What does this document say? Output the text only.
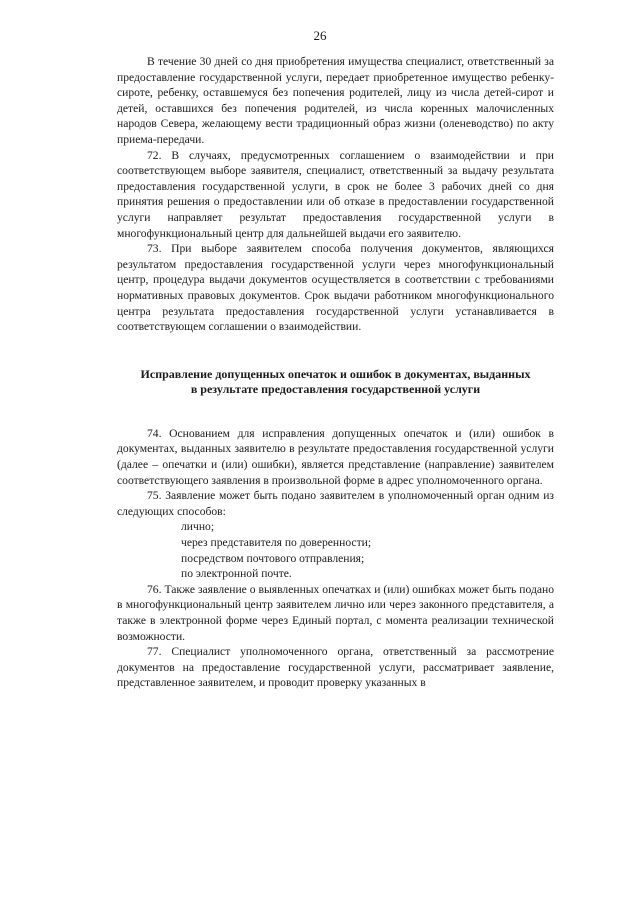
26

В течение 30 дней со дня приобретения имущества специалист, ответственный за предоставление государственной услуги, передает приобретенное имущество ребенку-сироте, ребенку, оставшемуся без попечения родителей, лицу из числа детей-сирот и детей, оставшихся без попечения родителей, из числа коренных малочисленных народов Севера, желающему вести традиционный образ жизни (оленеводство) по акту приема-передачи.

72. В случаях, предусмотренных соглашением о взаимодействии и при соответствующем выборе заявителя, специалист, ответственный за выдачу результата предоставления государственной услуги, в срок не более 3 рабочих дней со дня принятия решения о предоставлении или об отказе в предоставлении государственной услуги направляет результат предоставления государственной услуги в многофункциональный центр для дальнейшей выдачи его заявителю.

73. При выборе заявителем способа получения документов, являющихся результатом предоставления государственной услуги через многофункциональный центр, процедура выдачи документов осуществляется в соответствии с требованиями нормативных правовых документов. Срок выдачи работником многофункционального центра результата предоставления государственной услуги устанавливается в соответствующем соглашении о взаимодействии.

Исправление допущенных опечаток и ошибок в документах, выданных
в результате предоставления государственной услуги

74. Основанием для исправления допущенных опечаток и (или) ошибок в документах, выданных заявителю в результате предоставления государственной услуги (далее – опечатки и (или) ошибки), является представление (направление) заявителем соответствующего заявления в произвольной форме в адрес уполномоченного органа.

75. Заявление может быть подано заявителем в уполномоченный орган одним из следующих способов:

лично;

через представителя по доверенности;

посредством почтового отправления;

по электронной почте.

76. Также заявление о выявленных опечатках и (или) ошибках может быть подано в многофункциональный центр заявителем лично или через законного представителя, а также в электронной форме через Единый портал, с момента реализации технической возможности.

77. Специалист уполномоченного органа, ответственный за рассмотрение документов на предоставление государственной услуги, рассматривает заявление, представленное заявителем, и проводит проверку указанных в
